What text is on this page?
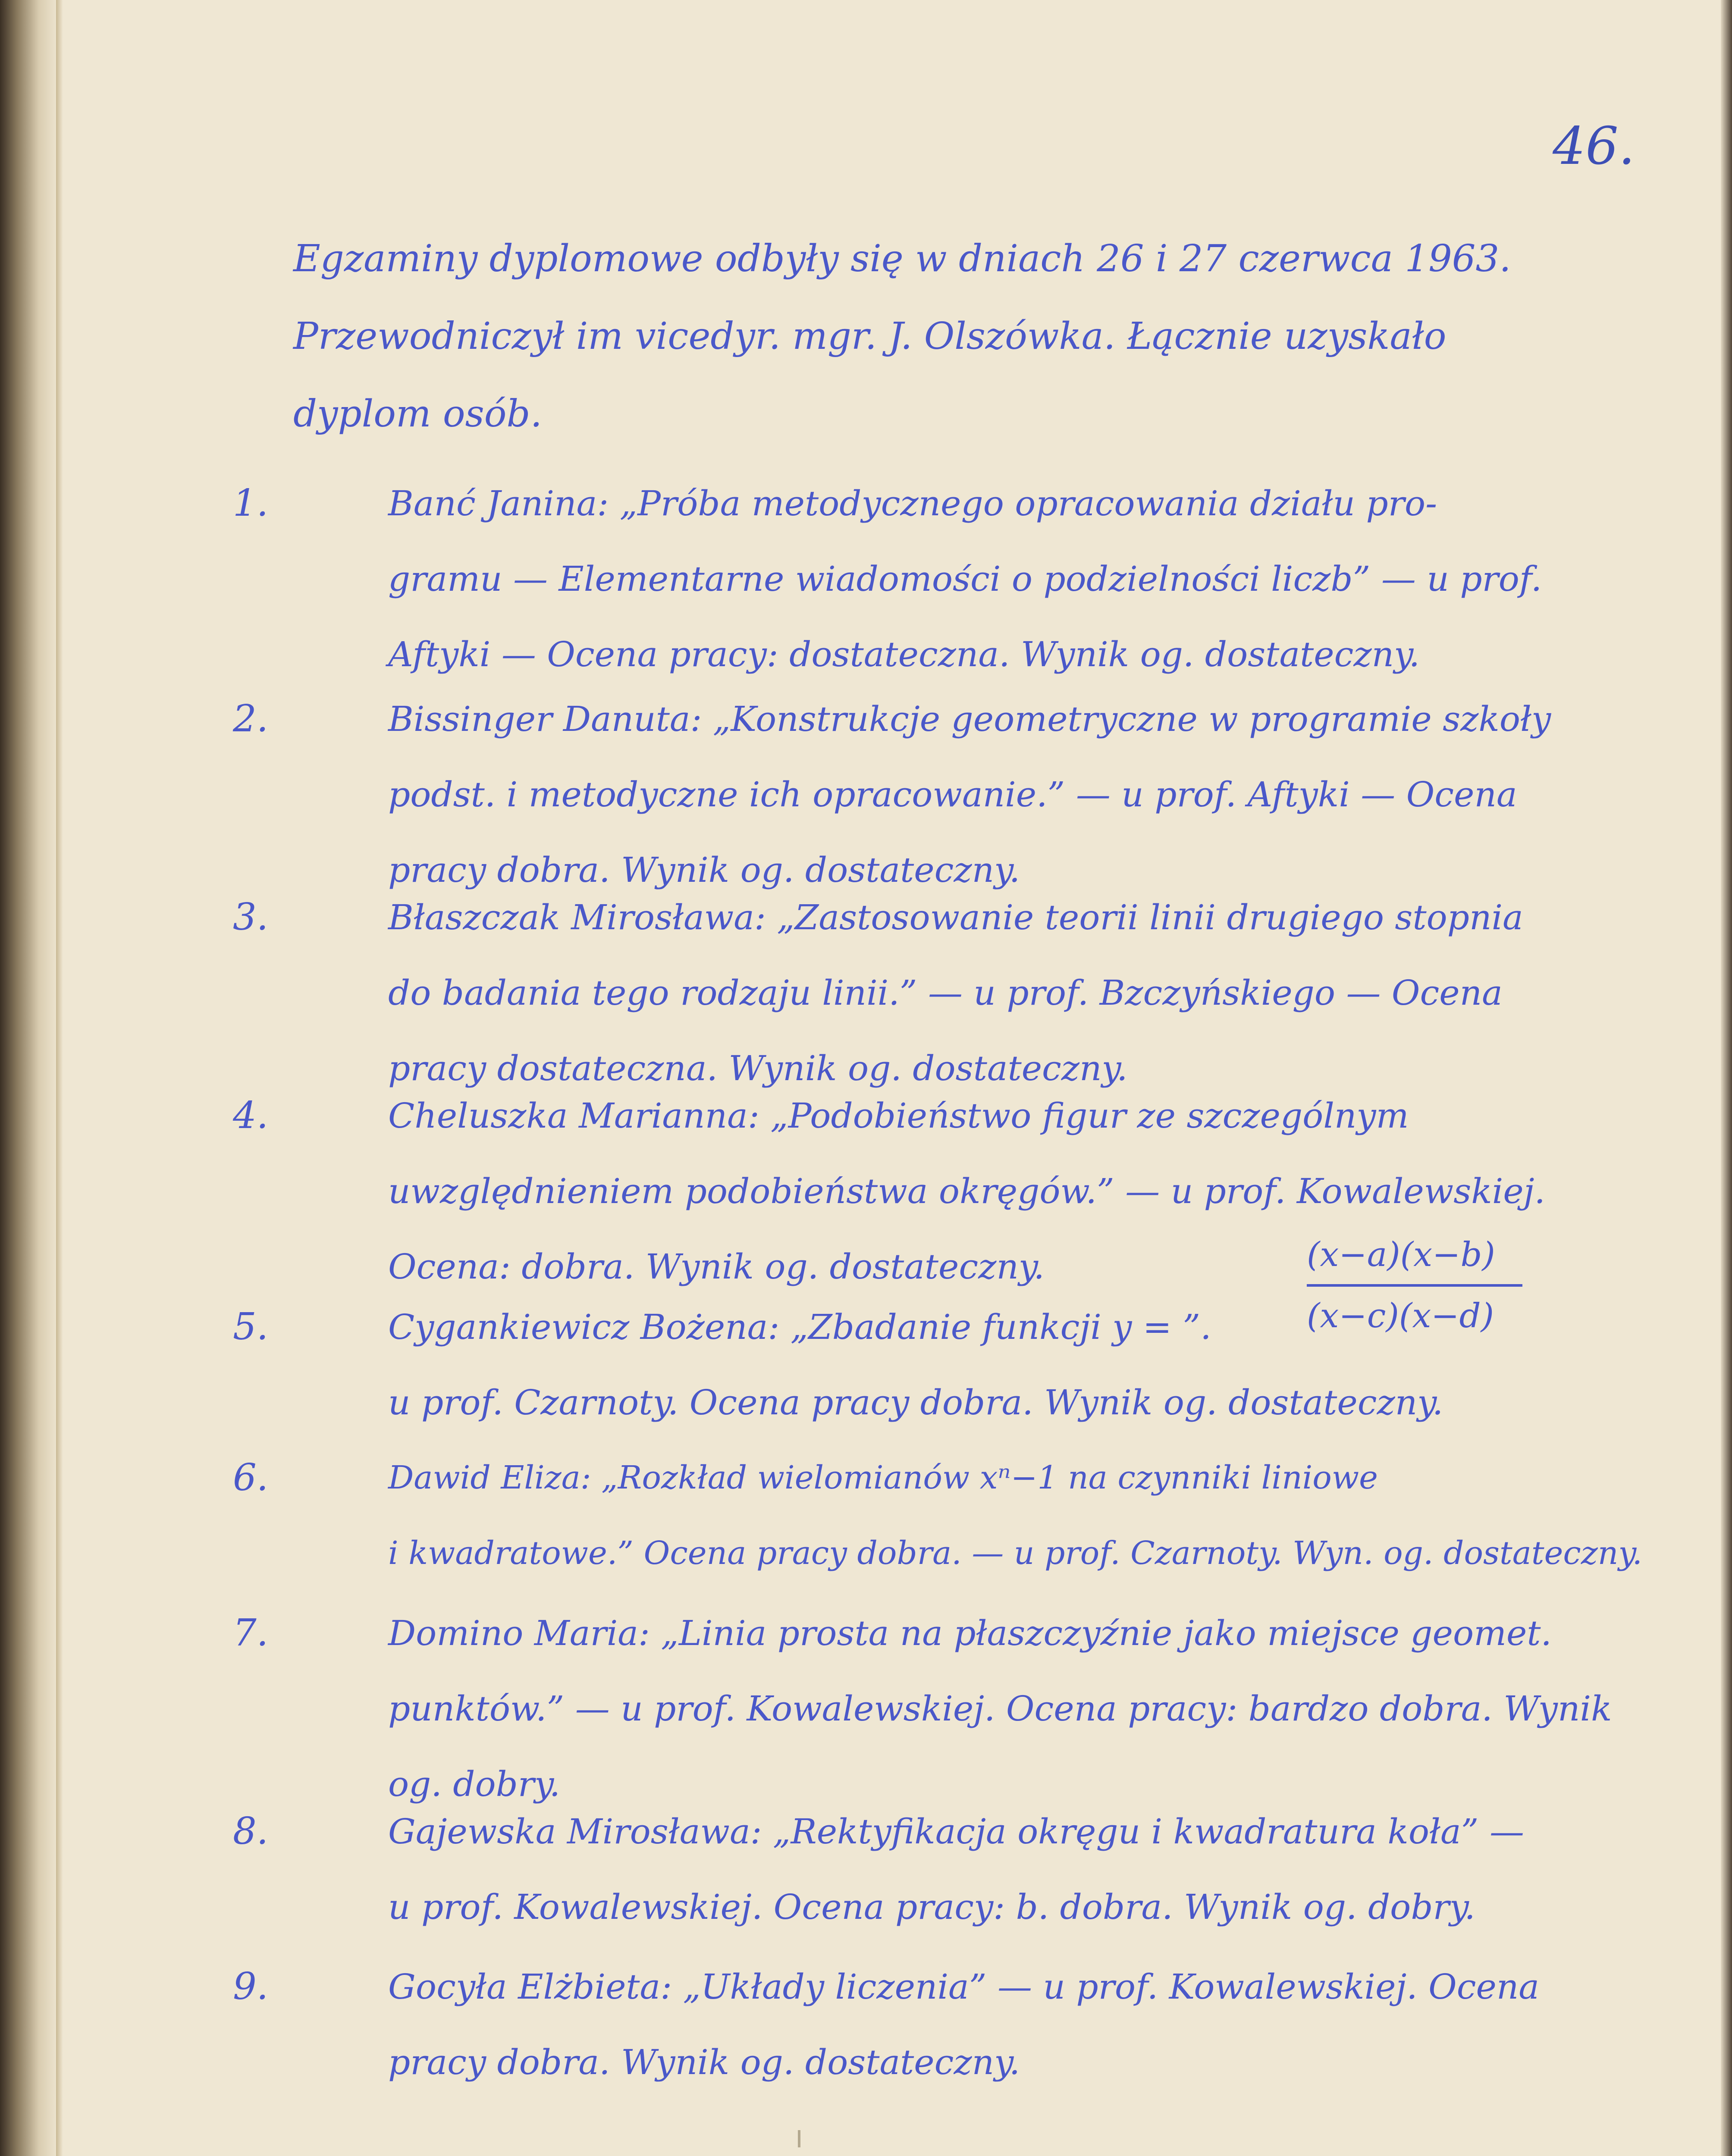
46.
Egzaminy dyplomowe odbyły się w dniach 26 i 27 czerwca 1963.
Przewodniczył im vicedyr. mgr. J. Olszówka. Łącznie uzyskało
dyplom osób.
1.	Banć Janina: „Próba metodycznego opracowania działu pro-
gramu — Elementarne wiadomości o podzielności liczb” — u prof.
Aftyki — Ocena pracy: dostateczna. Wynik og. dostateczny.
2.	Bissinger Danuta: „Konstrukcje geometryczne w programie szkoły
podst. i metodyczne ich opracowanie.” — u prof. Aftyki — Ocena
pracy dobra. Wynik og. dostateczny.
3.	Błaszczak Mirosława: „Zastosowanie teorii linii drugiego stopnia
do badania tego rodzaju linii.” — u prof. Bzczyńskiego — Ocena
pracy dostateczna. Wynik og. dostateczny.
4.	Cheluszka Marianna: „Podobieństwo figur ze szczególnym
uwzględnieniem podobieństwa okręgów.” — u prof. Kowalewskiej.
Ocena: dobra. Wynik og. dostateczny.
5.	Cygankiewicz Bożena: „Zbadanie funkcji y = ”.
u prof. Czarnoty. Ocena pracy dobra. Wynik og. dostateczny.
(x−a)(x−b)
(x−c)(x−d)
6.	Dawid Eliza: „Rozkład wielomianów xⁿ−1 na czynniki liniowe
i kwadratowe.” Ocena pracy dobra. — u prof. Czarnoty. Wyn. og. dostateczny.
7.	Domino Maria: „Linia prosta na płaszczyźnie jako miejsce geomet.
punktów.” — u prof. Kowalewskiej. Ocena pracy: bardzo dobra. Wynik
og. dobry.
8.	Gajewska Mirosława: „Rektyfikacja okręgu i kwadratura koła” —
u prof. Kowalewskiej. Ocena pracy: b. dobra. Wynik og. dobry.
9.	Gocyła Elżbieta: „Układy liczenia” — u prof. Kowalewskiej. Ocena
pracy dobra. Wynik og. dostateczny.
